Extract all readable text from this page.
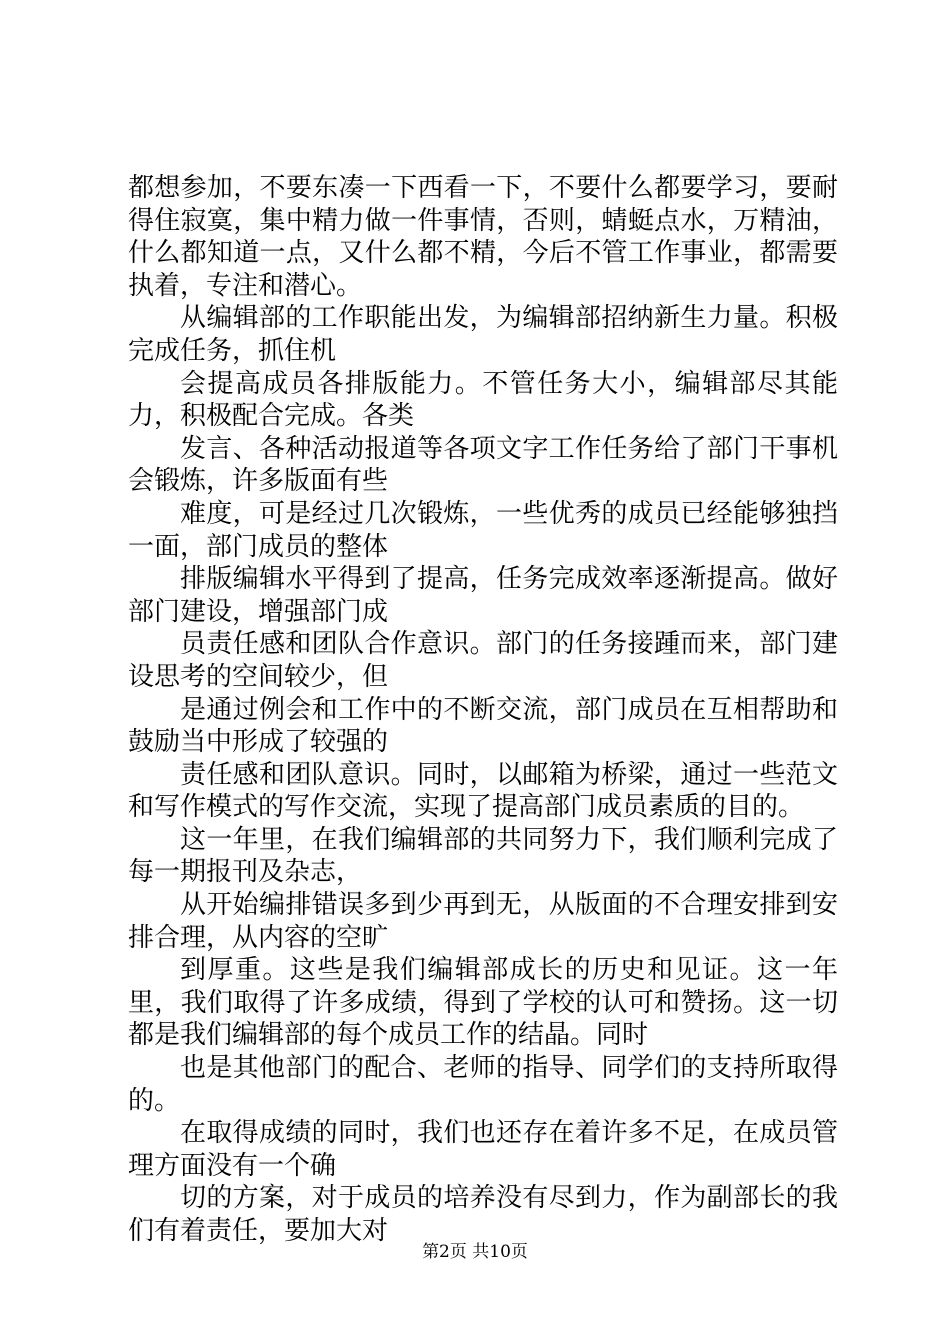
都想参加，不要东凑一下西看一下，不要什么都要学习，要耐得住寂寞，集中精力做一件事情，否则，蜻蜓点水，万精油，什么都知道一点，又什么都不精，今后不管工作事业，都需要执着，专注和潜心。

从编辑部的工作职能出发，为编辑部招纳新生力量。积极完成任务，抓住机

会提高成员各排版能力。不管任务大小，编辑部尽其能力，积极配合完成。各类

发言、各种活动报道等各项文字工作任务给了部门干事机会锻炼，许多版面有些

难度，可是经过几次锻炼，一些优秀的成员已经能够独挡一面，部门成员的整体

排版编辑水平得到了提高，任务完成效率逐渐提高。做好部门建设，增强部门成

员责任感和团队合作意识。部门的任务接踵而来，部门建设思考的空间较少，但

是通过例会和工作中的不断交流，部门成员在互相帮助和鼓励当中形成了较强的

责任感和团队意识。同时，以邮箱为桥梁，通过一些范文和写作模式的写作交流，实现了提高部门成员素质的目的。

这一年里，在我们编辑部的共同努力下，我们顺利完成了每一期报刊及杂志，

从开始编排错误多到少再到无，从版面的不合理安排到安排合理，从内容的空旷

到厚重。这些是我们编辑部成长的历史和见证。这一年里，我们取得了许多成绩，得到了学校的认可和赞扬。这一切都是我们编辑部的每个成员工作的结晶。同时

也是其他部门的配合、老师的指导、同学们的支持所取得的。

在取得成绩的同时，我们也还存在着许多不足，在成员管理方面没有一个确

切的方案，对于成员的培养没有尽到力，作为副部长的我们有着责任，要加大对

第2页 共10页
